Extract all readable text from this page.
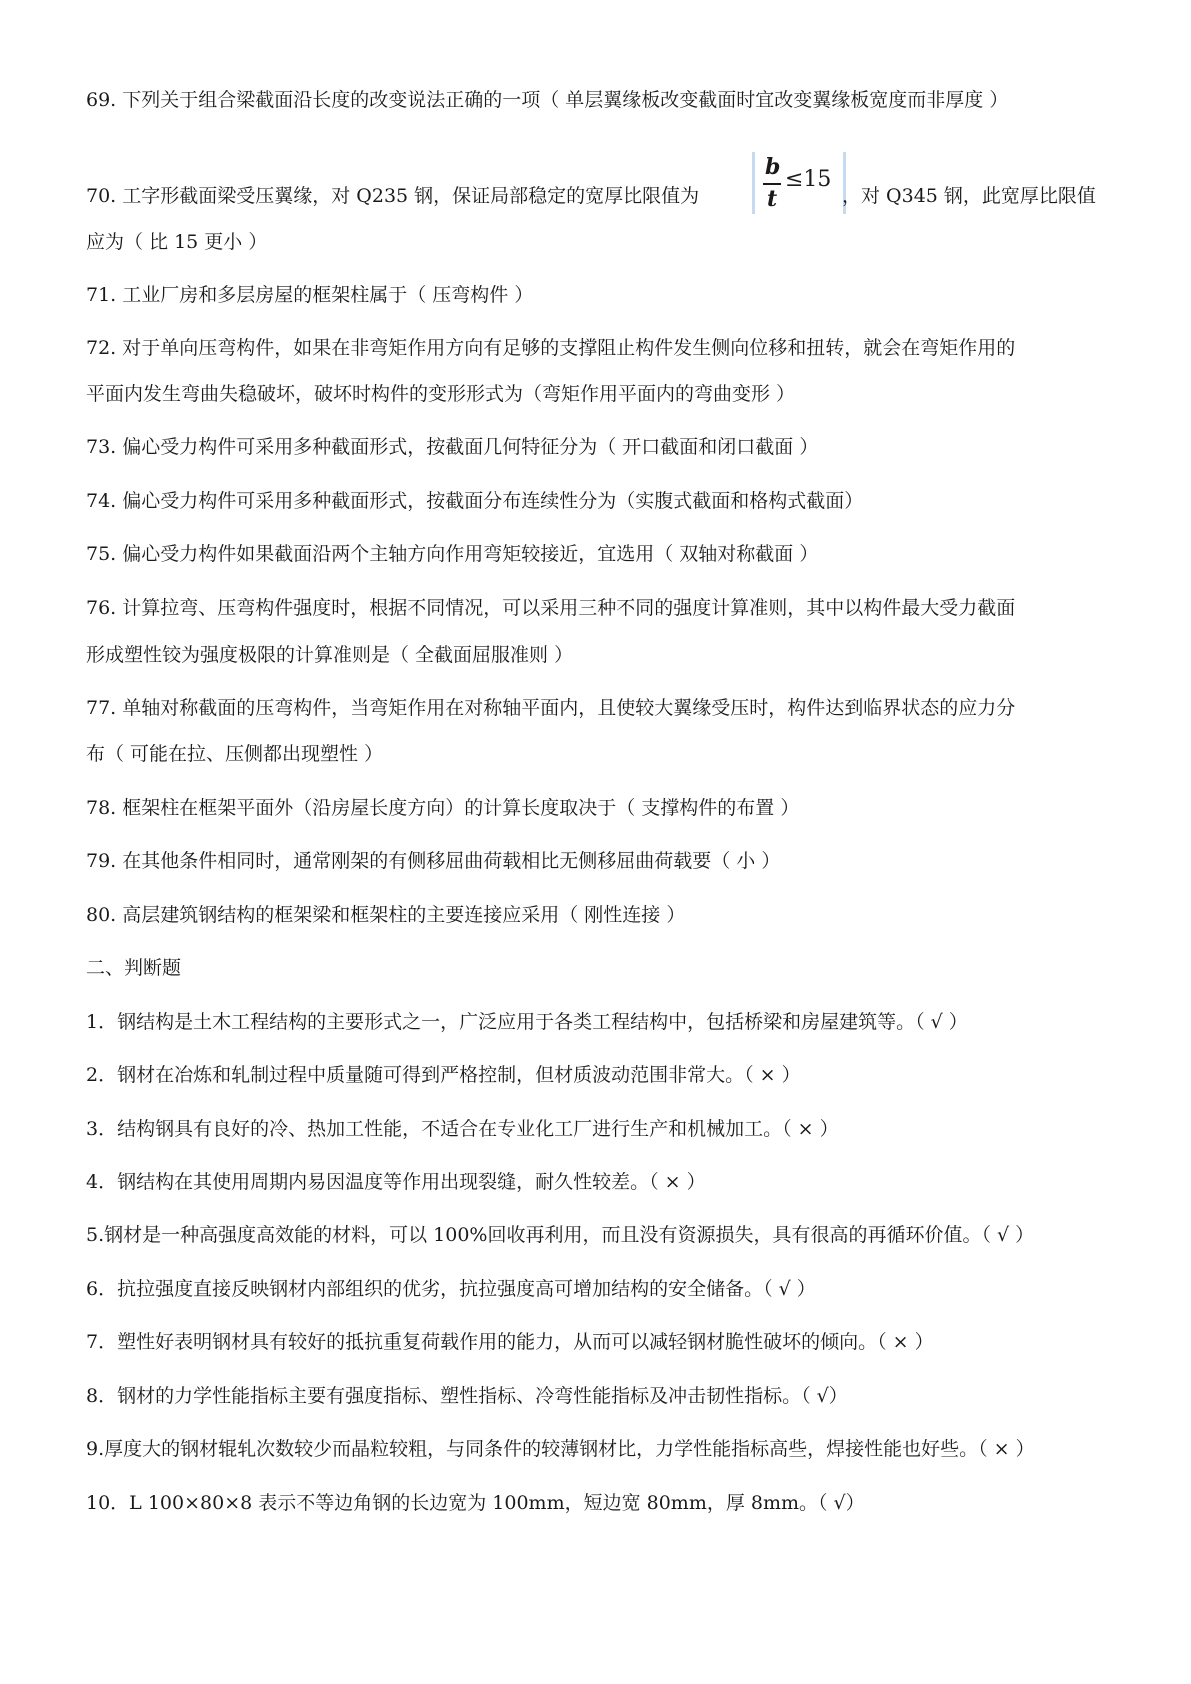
69. 下列关于组合梁截面沿长度的改变说法正确的一项（ 单层翼缘板改变截面时宜改变翼缘板宽度而非厚度 ）
70. 工字形截面梁受压翼缘，对 Q235 钢，保证局部稳定的宽厚比限值为
b
t
≤15
，对 Q345 钢，此宽厚比限值
应为（ 比 15 更小 ）
71. 工业厂房和多层房屋的框架柱属于（ 压弯构件 ）
72. 对于单向压弯构件，如果在非弯矩作用方向有足够的支撑阻止构件发生侧向位移和扭转，就会在弯矩作用的
平面内发生弯曲失稳破坏，破坏时构件的变形形式为（弯矩作用平面内的弯曲变形 ）
73. 偏心受力构件可采用多种截面形式，按截面几何特征分为（ 开口截面和闭口截面 ）
74. 偏心受力构件可采用多种截面形式，按截面分布连续性分为（实腹式截面和格构式截面）
75. 偏心受力构件如果截面沿两个主轴方向作用弯矩较接近，宜选用（ 双轴对称截面 ）
76. 计算拉弯、压弯构件强度时，根据不同情况，可以采用三种不同的强度计算准则，其中以构件最大受力截面
形成塑性铰为强度极限的计算准则是（ 全截面屈服准则 ）
77. 单轴对称截面的压弯构件，当弯矩作用在对称轴平面内，且使较大翼缘受压时，构件达到临界状态的应力分
布（ 可能在拉、压侧都出现塑性 ）
78. 框架柱在框架平面外（沿房屋长度方向）的计算长度取决于（ 支撑构件的布置 ）
79. 在其他条件相同时，通常刚架的有侧移屈曲荷载相比无侧移屈曲荷载要（ 小 ）
80. 高层建筑钢结构的框架梁和框架柱的主要连接应采用（ 刚性连接 ）
二、判断题
1．钢结构是土木工程结构的主要形式之一，广泛应用于各类工程结构中，包括桥梁和房屋建筑等。（ √ ）
2．钢材在冶炼和轧制过程中质量随可得到严格控制，但材质波动范围非常大。（ × ）
3．结构钢具有良好的冷、热加工性能，不适合在专业化工厂进行生产和机械加工。（ × ）
4．钢结构在其使用周期内易因温度等作用出现裂缝，耐久性较差。（ × ）
5.钢材是一种高强度高效能的材料，可以 100%回收再利用，而且没有资源损失，具有很高的再循环价值。（ √ ）
6．抗拉强度直接反映钢材内部组织的优劣，抗拉强度高可增加结构的安全储备。（ √ ）
7．塑性好表明钢材具有较好的抵抗重复荷载作用的能力，从而可以减轻钢材脆性破坏的倾向。（ × ）
8．钢材的力学性能指标主要有强度指标、塑性指标、冷弯性能指标及冲击韧性指标。（ √）
9.厚度大的钢材辊轧次数较少而晶粒较粗，与同条件的较薄钢材比，力学性能指标高些，焊接性能也好些。（ × ）
10．L 100×80×8 表示不等边角钢的长边宽为 100mm，短边宽 80mm，厚 8mm。（ √）
